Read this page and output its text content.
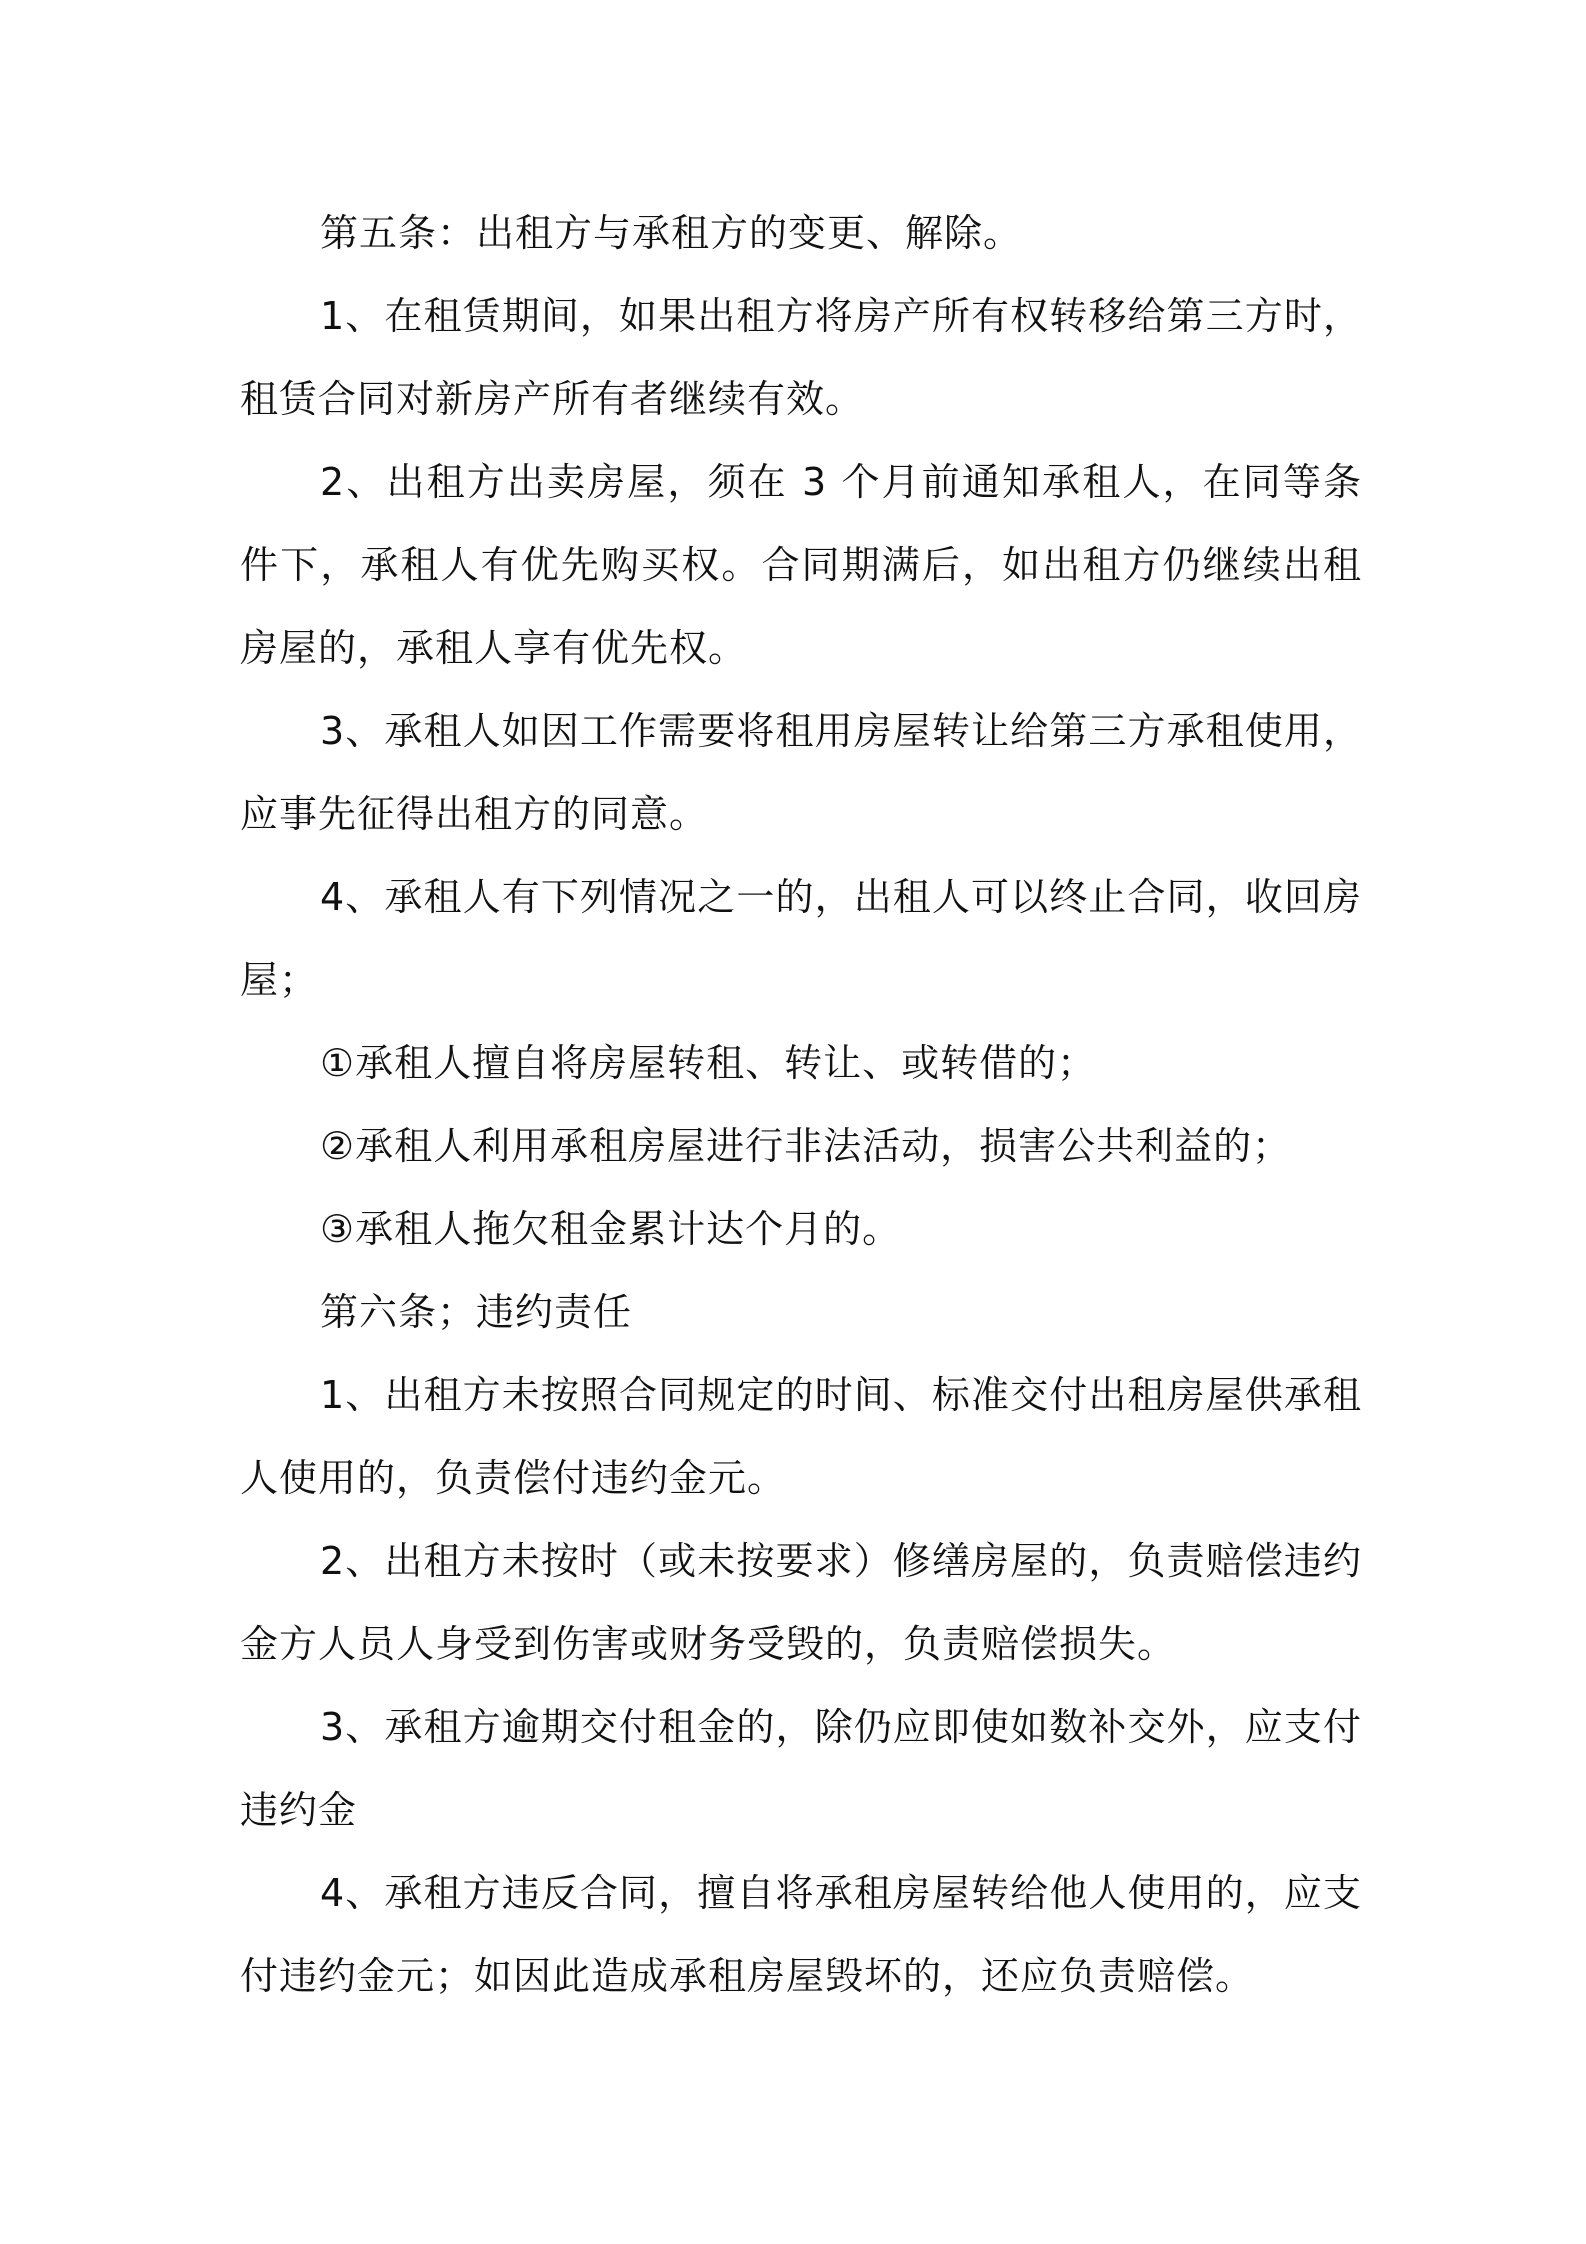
第五条：出租方与承租方的变更、解除。

1、在租赁期间，如果出租方将房产所有权转移给第三方时，租赁合同对新房产所有者继续有效。

2、出租方出卖房屋，须在 3 个月前通知承租人，在同等条件下，承租人有优先购买权。合同期满后，如出租方仍继续出租房屋的，承租人享有优先权。

3、承租人如因工作需要将租用房屋转让给第三方承租使用，应事先征得出租方的同意。

4、承租人有下列情况之一的，出租人可以终止合同，收回房屋；

①承租人擅自将房屋转租、转让、或转借的；

②承租人利用承租房屋进行非法活动，损害公共利益的；

③承租人拖欠租金累计达个月的。

第六条；违约责任

1、出租方未按照合同规定的时间、标准交付出租房屋供承租人使用的，负责偿付违约金元。

2、出租方未按时（或未按要求）修缮房屋的，负责赔偿违约金方人员人身受到伤害或财务受毁的，负责赔偿损失。

3、承租方逾期交付租金的，除仍应即使如数补交外，应支付违约金

4、承租方违反合同，擅自将承租房屋转给他人使用的，应支付违约金元；如因此造成承租房屋毁坏的，还应负责赔偿。
